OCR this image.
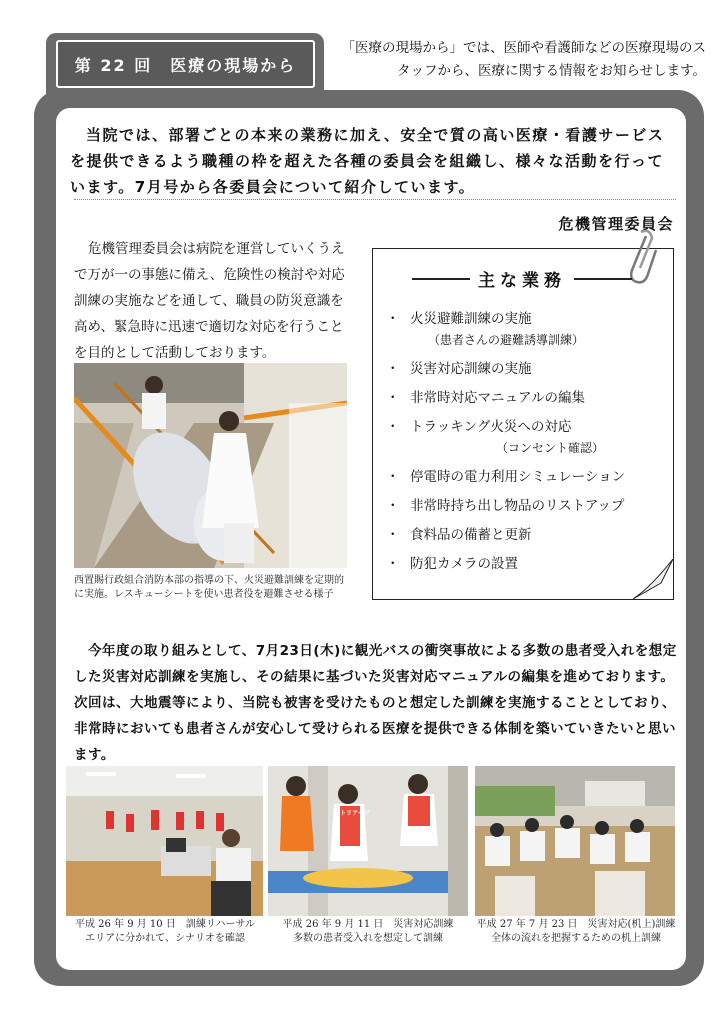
第 22 回　医療の現場から
「医療の現場から」では、医師や看護師などの医療現場のスタッフから、医療に関する情報をお知らせします。

当院では、部署ごとの本来の業務に加え、安全で質の高い医療・看護サービスを提供できるよう職種の枠を超えた各種の委員会を組織し、様々な活動を行っています。7月号から各委員会について紹介しています。

危機管理委員会

危機管理委員会は病院を運営していくうえで万が一の事態に備え、危険性の検討や対応訓練の実施などを通して、職員の防災意識を高め、緊急時に迅速で適切な対応を行うことを目的として活動しております。

西置賜行政組合消防本部の指導の下、火災避難訓練を定期的に実施。レスキューシートを使い患者役を避難させる様子
主な業務
・ 火災避難訓練の実施
（患者さんの避難誘導訓練）
・ 災害対応訓練の実施
・ 非常時対応マニュアルの編集
・ トラッキング火災への対応
（コンセント確認）
・ 停電時の電力利用シミュレーション
・ 非常時持ち出し物品のリストアップ
・ 食料品の備蓄と更新
・ 防犯カメラの設置

今年度の取り組みとして、7月23日(木)に観光バスの衝突事故による多数の患者受入れを想定した災害対応訓練を実施し、その結果に基づいた災害対応マニュアルの編集を進めております。次回は、大地震等により、当院も被害を受けたものと想定した訓練を実施することとしており、非常時においても患者さんが安心して受けられる医療を提供できる体制を築いていきたいと思います。

平成 26 年 9 月 10 日　訓練リハーサル
エリアに分かれて、シナリオを確認
平成 26 年 9 月 11 日　災害対応訓練
多数の患者受入れを想定して訓練
平成 27 年 7 月 23 日　災害対応(机上)訓練
全体の流れを把握するための机上訓練
トリアージ
